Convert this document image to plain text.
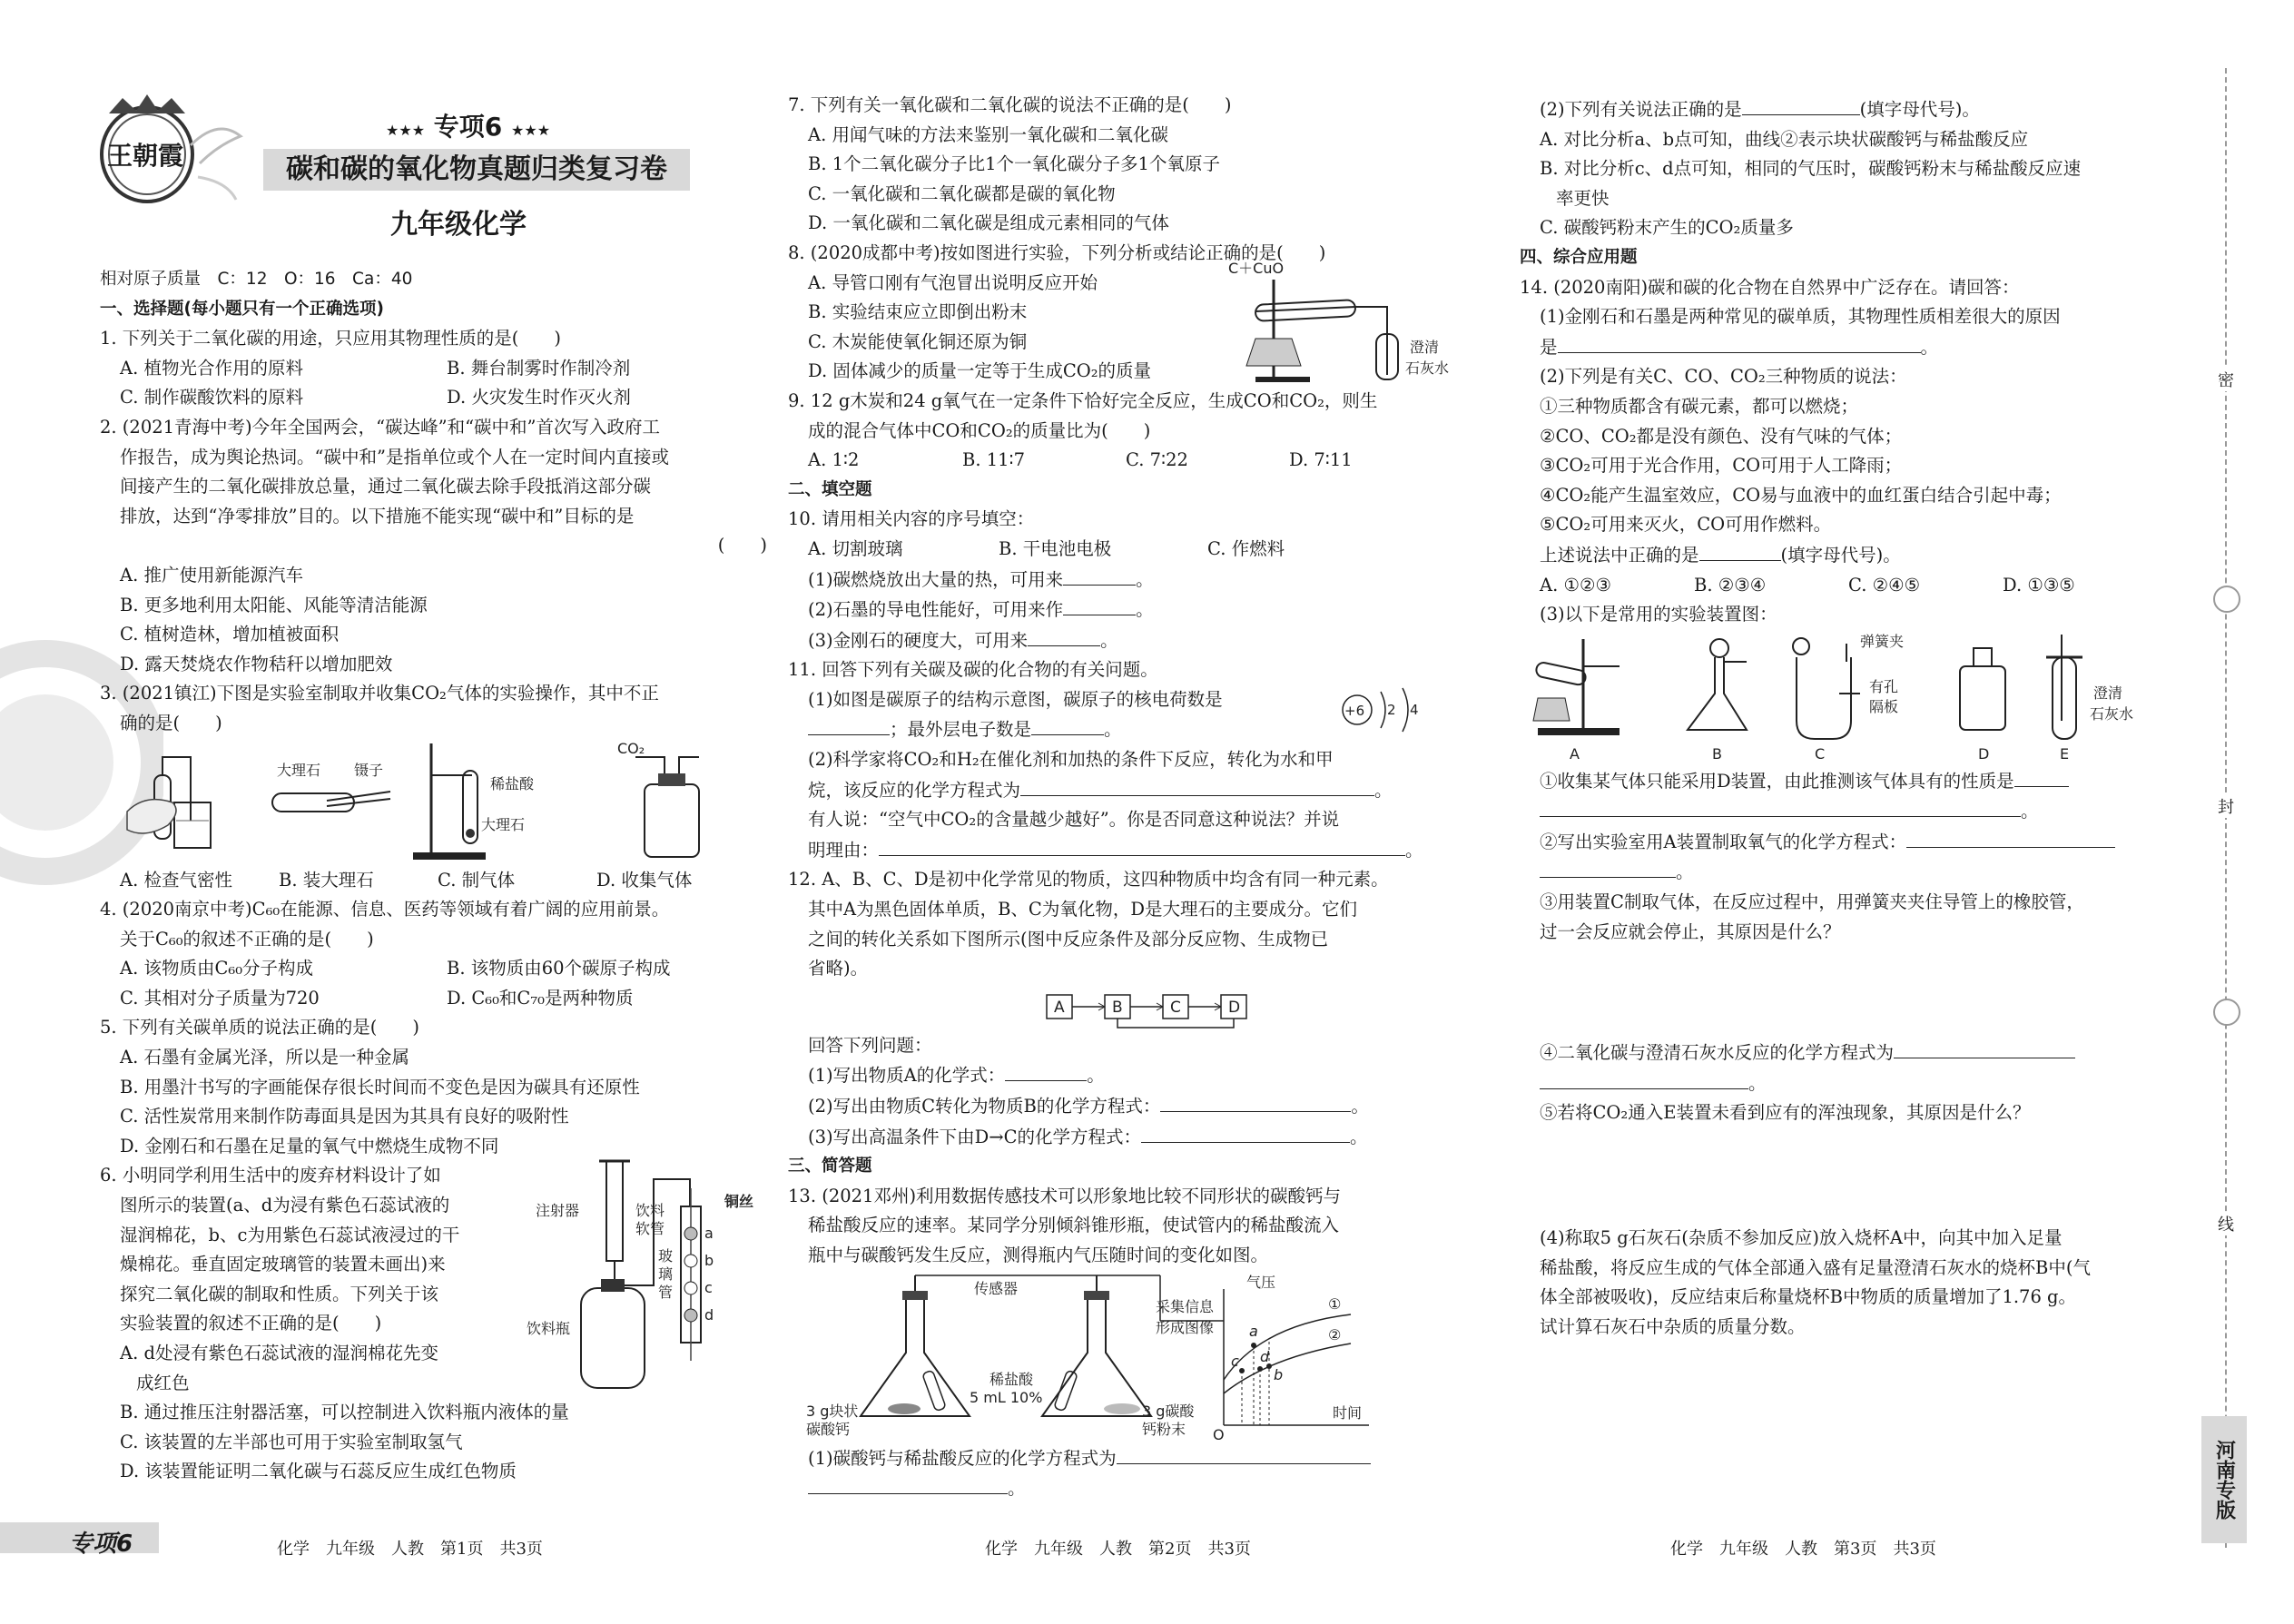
王朝霞
★★★ 专项6 ★★★
碳和碳的氧化物真题归类复习卷
九年级化学
相对原子质量　C：12　O：16　Ca：40
一、选择题(每小题只有一个正确选项)
1. 下列关于二氧化碳的用途，只应用其物理性质的是(　　)
A. 植物光合作用的原料	B. 舞台制雾时作制冷剂
C. 制作碳酸饮料的原料	D. 火灾发生时作灭火剂
2. (2021青海中考)今年全国两会，“碳达峰”和“碳中和”首次写入政府工
作报告，成为舆论热词。“碳中和”是指单位或个人在一定时间内直接或
间接产生的二氧化碳排放总量，通过二氧化碳去除手段抵消这部分碳
排放，达到“净零排放”目的。以下措施不能实现“碳中和”目标的是
(　　)
A. 推广使用新能源汽车
B. 更多地利用太阳能、风能等清洁能源
C. 植树造林，增加植被面积
D. 露天焚烧农作物秸秆以增加肥效
3. (2021镇江)下图是实验室制取并收集CO₂气体的实验操作，其中不正
确的是(　　)
大理石 镊子
稀盐酸
大理石
CO₂
A. 检查气密性	B. 装大理石	C. 制气体	D. 收集气体
4. (2020南京中考)C₆₀在能源、信息、医药等领域有着广阔的应用前景。
关于C₆₀的叙述不正确的是(　　)
A. 该物质由C₆₀分子构成	B. 该物质由60个碳原子构成
C. 其相对分子质量为720	D. C₆₀和C₇₀是两种物质
5. 下列有关碳单质的说法正确的是(　　)
A. 石墨有金属光泽，所以是一种金属
B. 用墨汁书写的字画能保存很长时间而不变色是因为碳具有还原性
C. 活性炭常用来制作防毒面具是因为其具有良好的吸附性
D. 金刚石和石墨在足量的氧气中燃烧生成物不同
6. 小明同学利用生活中的废弃材料设计了如
图所示的装置(a、d为浸有紫色石蕊试液的
湿润棉花，b、c为用紫色石蕊试液浸过的干
燥棉花。垂直固定玻璃管的装置未画出)来
探究二氧化碳的制取和性质。下列关于该
实验装置的叙述不正确的是(　　)
A. d处浸有紫色石蕊试液的湿润棉花先变
成红色
B. 通过推压注射器活塞，可以控制进入饮料瓶内液体的量
C. 该装置的左半部也可用于实验室制取氢气
D. 该装置能证明二氧化碳与石蕊反应生成红色物质
a
b
c
d
铜丝
注射器	饮料
软管
玻
璃
管
饮料瓶
7. 下列有关一氧化碳和二氧化碳的说法不正确的是(　　)
A. 用闻气味的方法来鉴别一氧化碳和二氧化碳
B. 1个二氧化碳分子比1个一氧化碳分子多1个氧原子
C. 一氧化碳和二氧化碳都是碳的氧化物
D. 一氧化碳和二氧化碳是组成元素相同的气体
8. (2020成都中考)按如图进行实验，下列分析或结论正确的是(　　)
A. 导管口刚有气泡冒出说明反应开始
B. 实验结束应立即倒出粉末
C. 木炭能使氧化铜还原为铜
D. 固体减少的质量一定等于生成CO₂的质量
C＋CuO
澄清
石灰水
9. 12 g木炭和24 g氧气在一定条件下恰好完全反应，生成CO和CO₂，则生
成的混合气体中CO和CO₂的质量比为(　　)
A. 1∶2	B. 11∶7	C. 7∶22	D. 7∶11
二、填空题
10. 请用相关内容的序号填空：
A. 切割玻璃	B. 干电池电极	C. 作燃料
(1)碳燃烧放出大量的热，可用来	。
(2)石墨的导电性能好，可用来作	。
(3)金刚石的硬度大，可用来	。
11. 回答下列有关碳及碳的化合物的有关问题。
(1)如图是碳原子的结构示意图，碳原子的核电荷数是
；最外层电子数是	。
(2)科学家将CO₂和H₂在催化剂和加热的条件下反应，转化为水和甲
烷，该反应的化学方程式为	。
有人说：“空气中CO₂的含量越少越好”。你是否同意这种说法？并说
明理由：	。
+6 2 4
12. A、B、C、D是初中化学常见的物质，这四种物质中均含有同一种元素。
其中A为黑色固体单质，B、C为氧化物，D是大理石的主要成分。它们
之间的转化关系如下图所示(图中反应条件及部分反应物、生成物已
省略)。
A	B	C	D
回答下列问题：
(1)写出物质A的化学式：	。
(2)写出由物质C转化为物质B的化学方程式：	。
(3)写出高温条件下由D→C的化学方程式：	。
三、简答题
13. (2021邓州)利用数据传感技术可以形象地比较不同形状的碳酸钙与
稀盐酸反应的速率。某同学分别倾斜锥形瓶，使试管内的稀盐酸流入
瓶中与碳酸钙发生反应，测得瓶内气压随时间的变化如图。
传感器
采集信息
形成图像
稀盐酸
5 mL 10%
3 g块状
碳酸钙
3 g碳酸
钙粉末
气压
时间
O
a
b
c d
①
②
(1)碳酸钙与稀盐酸反应的化学方程式为
。
(2)下列有关说法正确的是	(填字母代号)。
A. 对比分析a、b点可知，曲线②表示块状碳酸钙与稀盐酸反应
B. 对比分析c、d点可知，相同的气压时，碳酸钙粉末与稀盐酸反应速
率更快
C. 碳酸钙粉末产生的CO₂质量多
四、综合应用题
14. (2020南阳)碳和碳的化合物在自然界中广泛存在。请回答：
(1)金刚石和石墨是两种常见的碳单质，其物理性质相差很大的原因
是	。
(2)下列是有关C、CO、CO₂三种物质的说法：
①三种物质都含有碳元素，都可以燃烧；
②CO、CO₂都是没有颜色、没有气味的气体；
③CO₂可用于光合作用，CO可用于人工降雨；
④CO₂能产生温室效应，CO易与血液中的血红蛋白结合引起中毒；
⑤CO₂可用来灭火，CO可用作燃料。
上述说法中正确的是	(填字母代号)。
A. ①②③	B. ②③④	C. ②④⑤	D. ①③⑤
(3)以下是常用的实验装置图：
弹簧夹
有孔
隔板
澄清
石灰水
A	B	C	D	E
①收集某气体只能采用D装置，由此推测该气体具有的性质是
。
②写出实验室用A装置制取氧气的化学方程式：
。
③用装置C制取气体，在反应过程中，用弹簧夹夹住导管上的橡胶管，
过一会反应就会停止，其原因是什么？
④二氧化碳与澄清石灰水反应的化学方程式为
。
⑤若将CO₂通入E装置未看到应有的浑浊现象，其原因是什么？
(4)称取5 g石灰石(杂质不参加反应)放入烧杯A中，向其中加入足量
稀盐酸，将反应生成的气体全部通入盛有足量澄清石灰水的烧杯B中(气
体全部被吸收)，反应结束后称量烧杯B中物质的质量增加了1.76 g。
试计算石灰石中杂质的质量分数。
专项6	化学　九年级　人教　第1页　共3页	化学　九年级　人教　第2页　共3页	化学　九年级　人教　第3页　共3页
密
封
线
河南专版
